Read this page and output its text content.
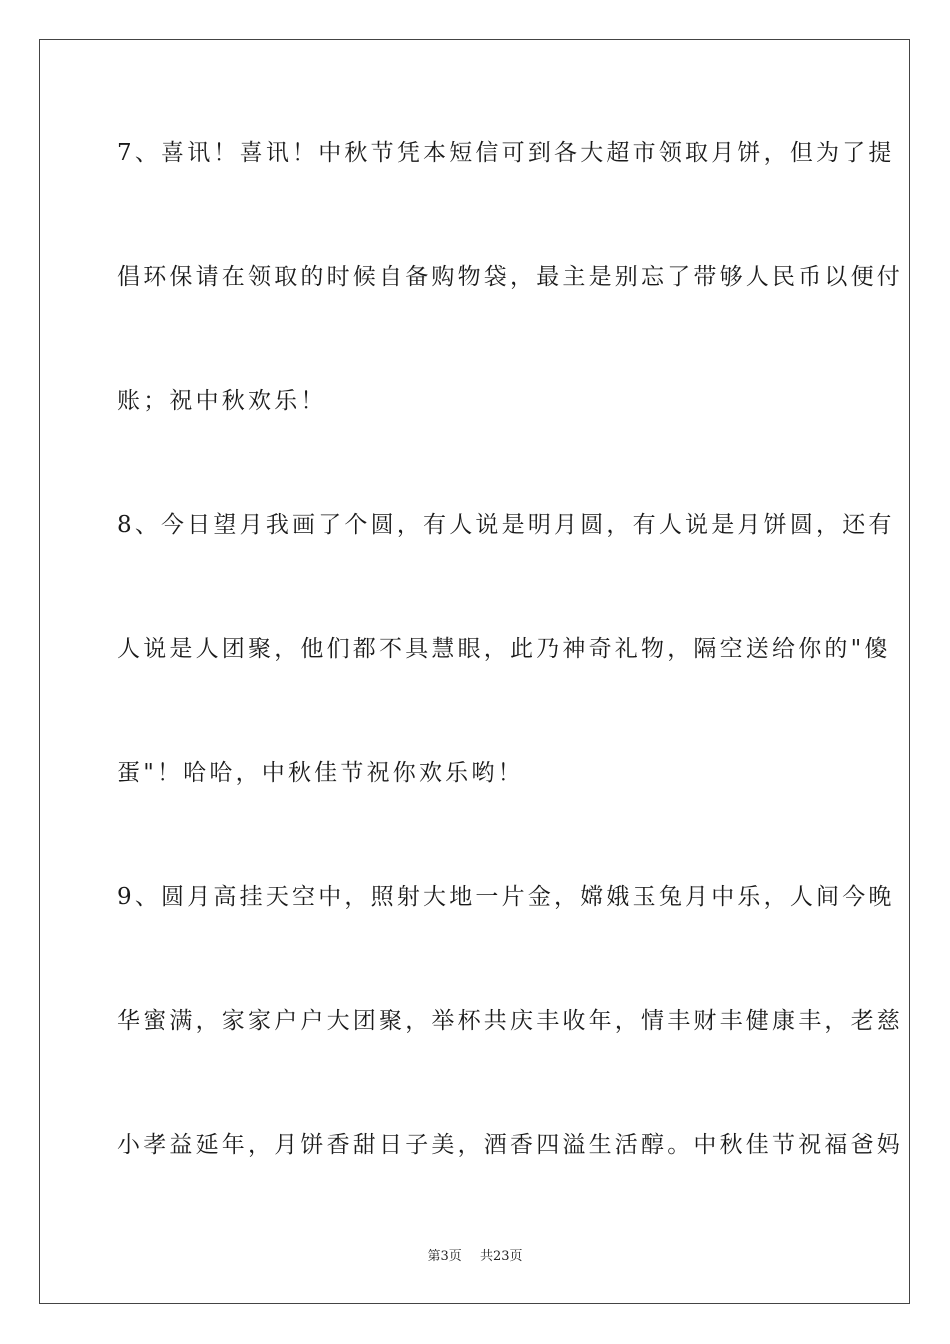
7、喜讯！喜讯！中秋节凭本短信可到各大超市领取月饼，但为了提
倡环保请在领取的时候自备购物袋，最主是别忘了带够人民币以便付
账；祝中秋欢乐！
8、今日望月我画了个圆，有人说是明月圆，有人说是月饼圆，还有
人说是人团聚，他们都不具慧眼，此乃神奇礼物，隔空送给你的"傻
蛋"！哈哈，中秋佳节祝你欢乐哟！
9、圆月高挂天空中，照射大地一片金，嫦娥玉兔月中乐，人间今晚
华蜜满，家家户户大团聚，举杯共庆丰收年，情丰财丰健康丰，老慈
小孝益延年，月饼香甜日子美，酒香四溢生活醇。中秋佳节祝福爸妈
第3页 共23页
